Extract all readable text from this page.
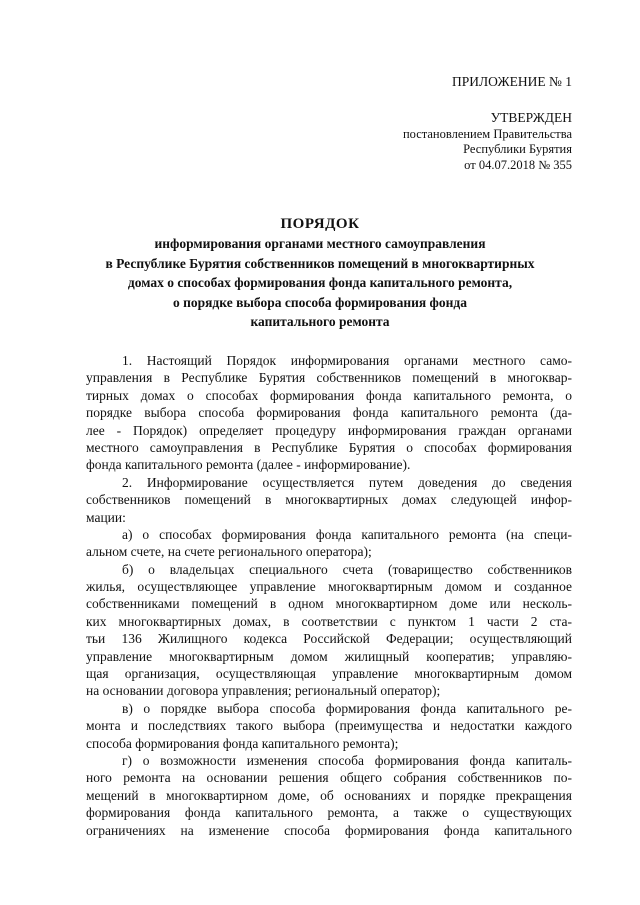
ПРИЛОЖЕНИЕ № 1
УТВЕРЖДЕН
постановлением Правительства
Республики Бурятия
от 04.07.2018 № 355
ПОРЯДОК
информирования органами местного самоуправления
в Республике Бурятия собственников помещений в многоквартирных
домах о способах формирования фонда капитального ремонта,
о порядке выбора способа формирования фонда
капитального ремонта
1. Настоящий Порядок информирования органами местного само-
управления в Республике Бурятия собственников помещений в многоквар-
тирных домах о способах формирования фонда капитального ремонта, о
порядке выбора способа формирования фонда капитального ремонта (да-
лее - Порядок) определяет процедуру информирования граждан органами
местного самоуправления в Республике Бурятия о способах формирования
фонда капитального ремонта (далее - информирование).
2. Информирование осуществляется путем доведения до сведения
собственников помещений в многоквартирных домах следующей инфор-
мации:
а) о способах формирования фонда капитального ремонта (на специ-
альном счете, на счете регионального оператора);
б) о владельцах специального счета (товарищество собственников
жилья, осуществляющее управление многоквартирным домом и созданное
собственниками помещений в одном многоквартирном доме или несколь-
ких многоквартирных домах, в соответствии с пунктом 1 части 2 ста-
тьи 136 Жилищного кодекса Российской Федерации; осуществляющий
управление многоквартирным домом жилищный кооператив; управляю-
щая организация, осуществляющая управление многоквартирным домом
на основании договора управления; региональный оператор);
в) о порядке выбора способа формирования фонда капитального ре-
монта и последствиях такого выбора (преимущества и недостатки каждого
способа формирования фонда капитального ремонта);
г) о возможности изменения способа формирования фонда капиталь-
ного ремонта на основании решения общего собрания собственников по-
мещений в многоквартирном доме, об основаниях и порядке прекращения
формирования фонда капитального ремонта, а также о существующих
ограничениях на изменение способа формирования фонда капитального
